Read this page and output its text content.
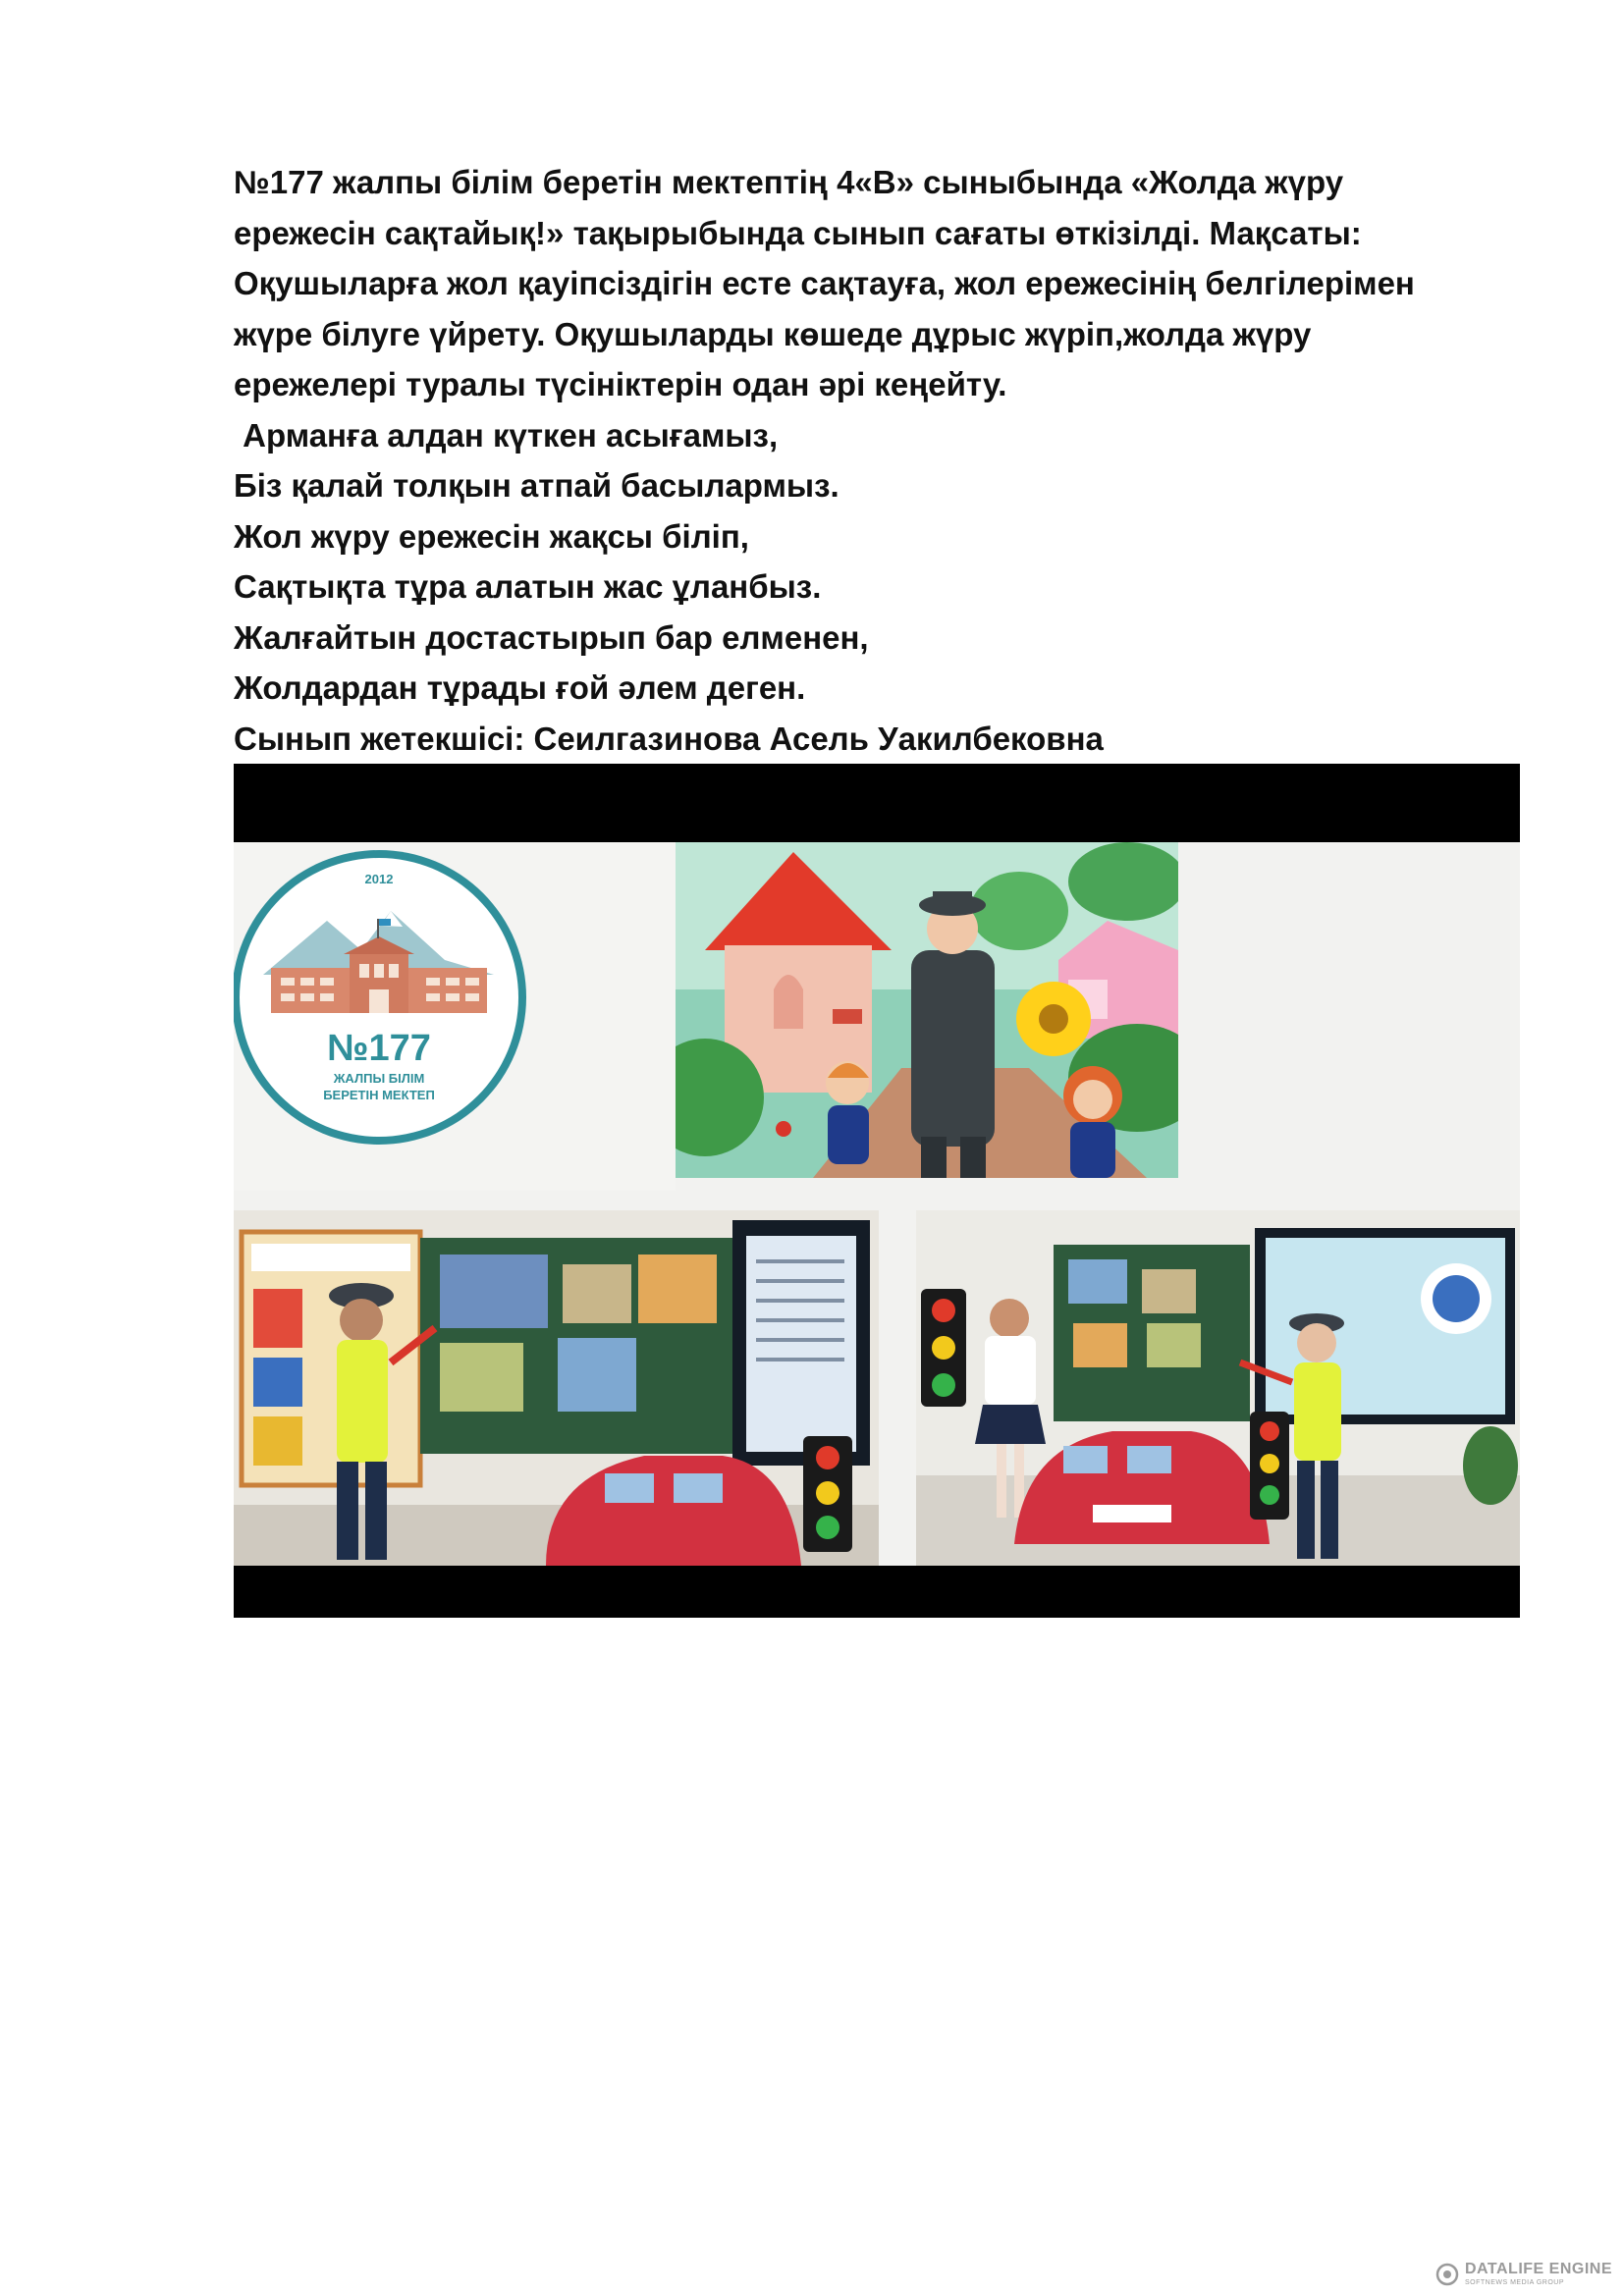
№177 жалпы білім беретін мектептің 4«В» сыныбында «Жолда жүру
ережесін сақтайық!» тақырыбында сынып сағаты өткізілді. Мақсаты:
Оқушыларға жол қауіпсіздігін есте сақтауға, жол ережесінің белгілерімен
жүре білуге үйрету. Оқушыларды көшеде дұрыс жүріп,жолда жүру
ережелері туралы түсініктерін одан әрі кеңейту.
Арманға алдан күткен асығамыз,
Біз қалай толқын атпай басылармыз.
Жол жүру ережесін жақсы біліп,
Сақтықта тұра алатын жас ұланбыз.
Жалғайтын достастырып бар елменен,
Жолдардан тұрады ғой әлем деген.
Сынып жетекшісі: Сеилгазинова Асель Уакилбековна
2012
№177
ЖАЛПЫ БІЛІМ
БЕРЕТІН МЕКТЕП
DATALIFE ENGINE
SOFTNEWS MEDIA GROUP
